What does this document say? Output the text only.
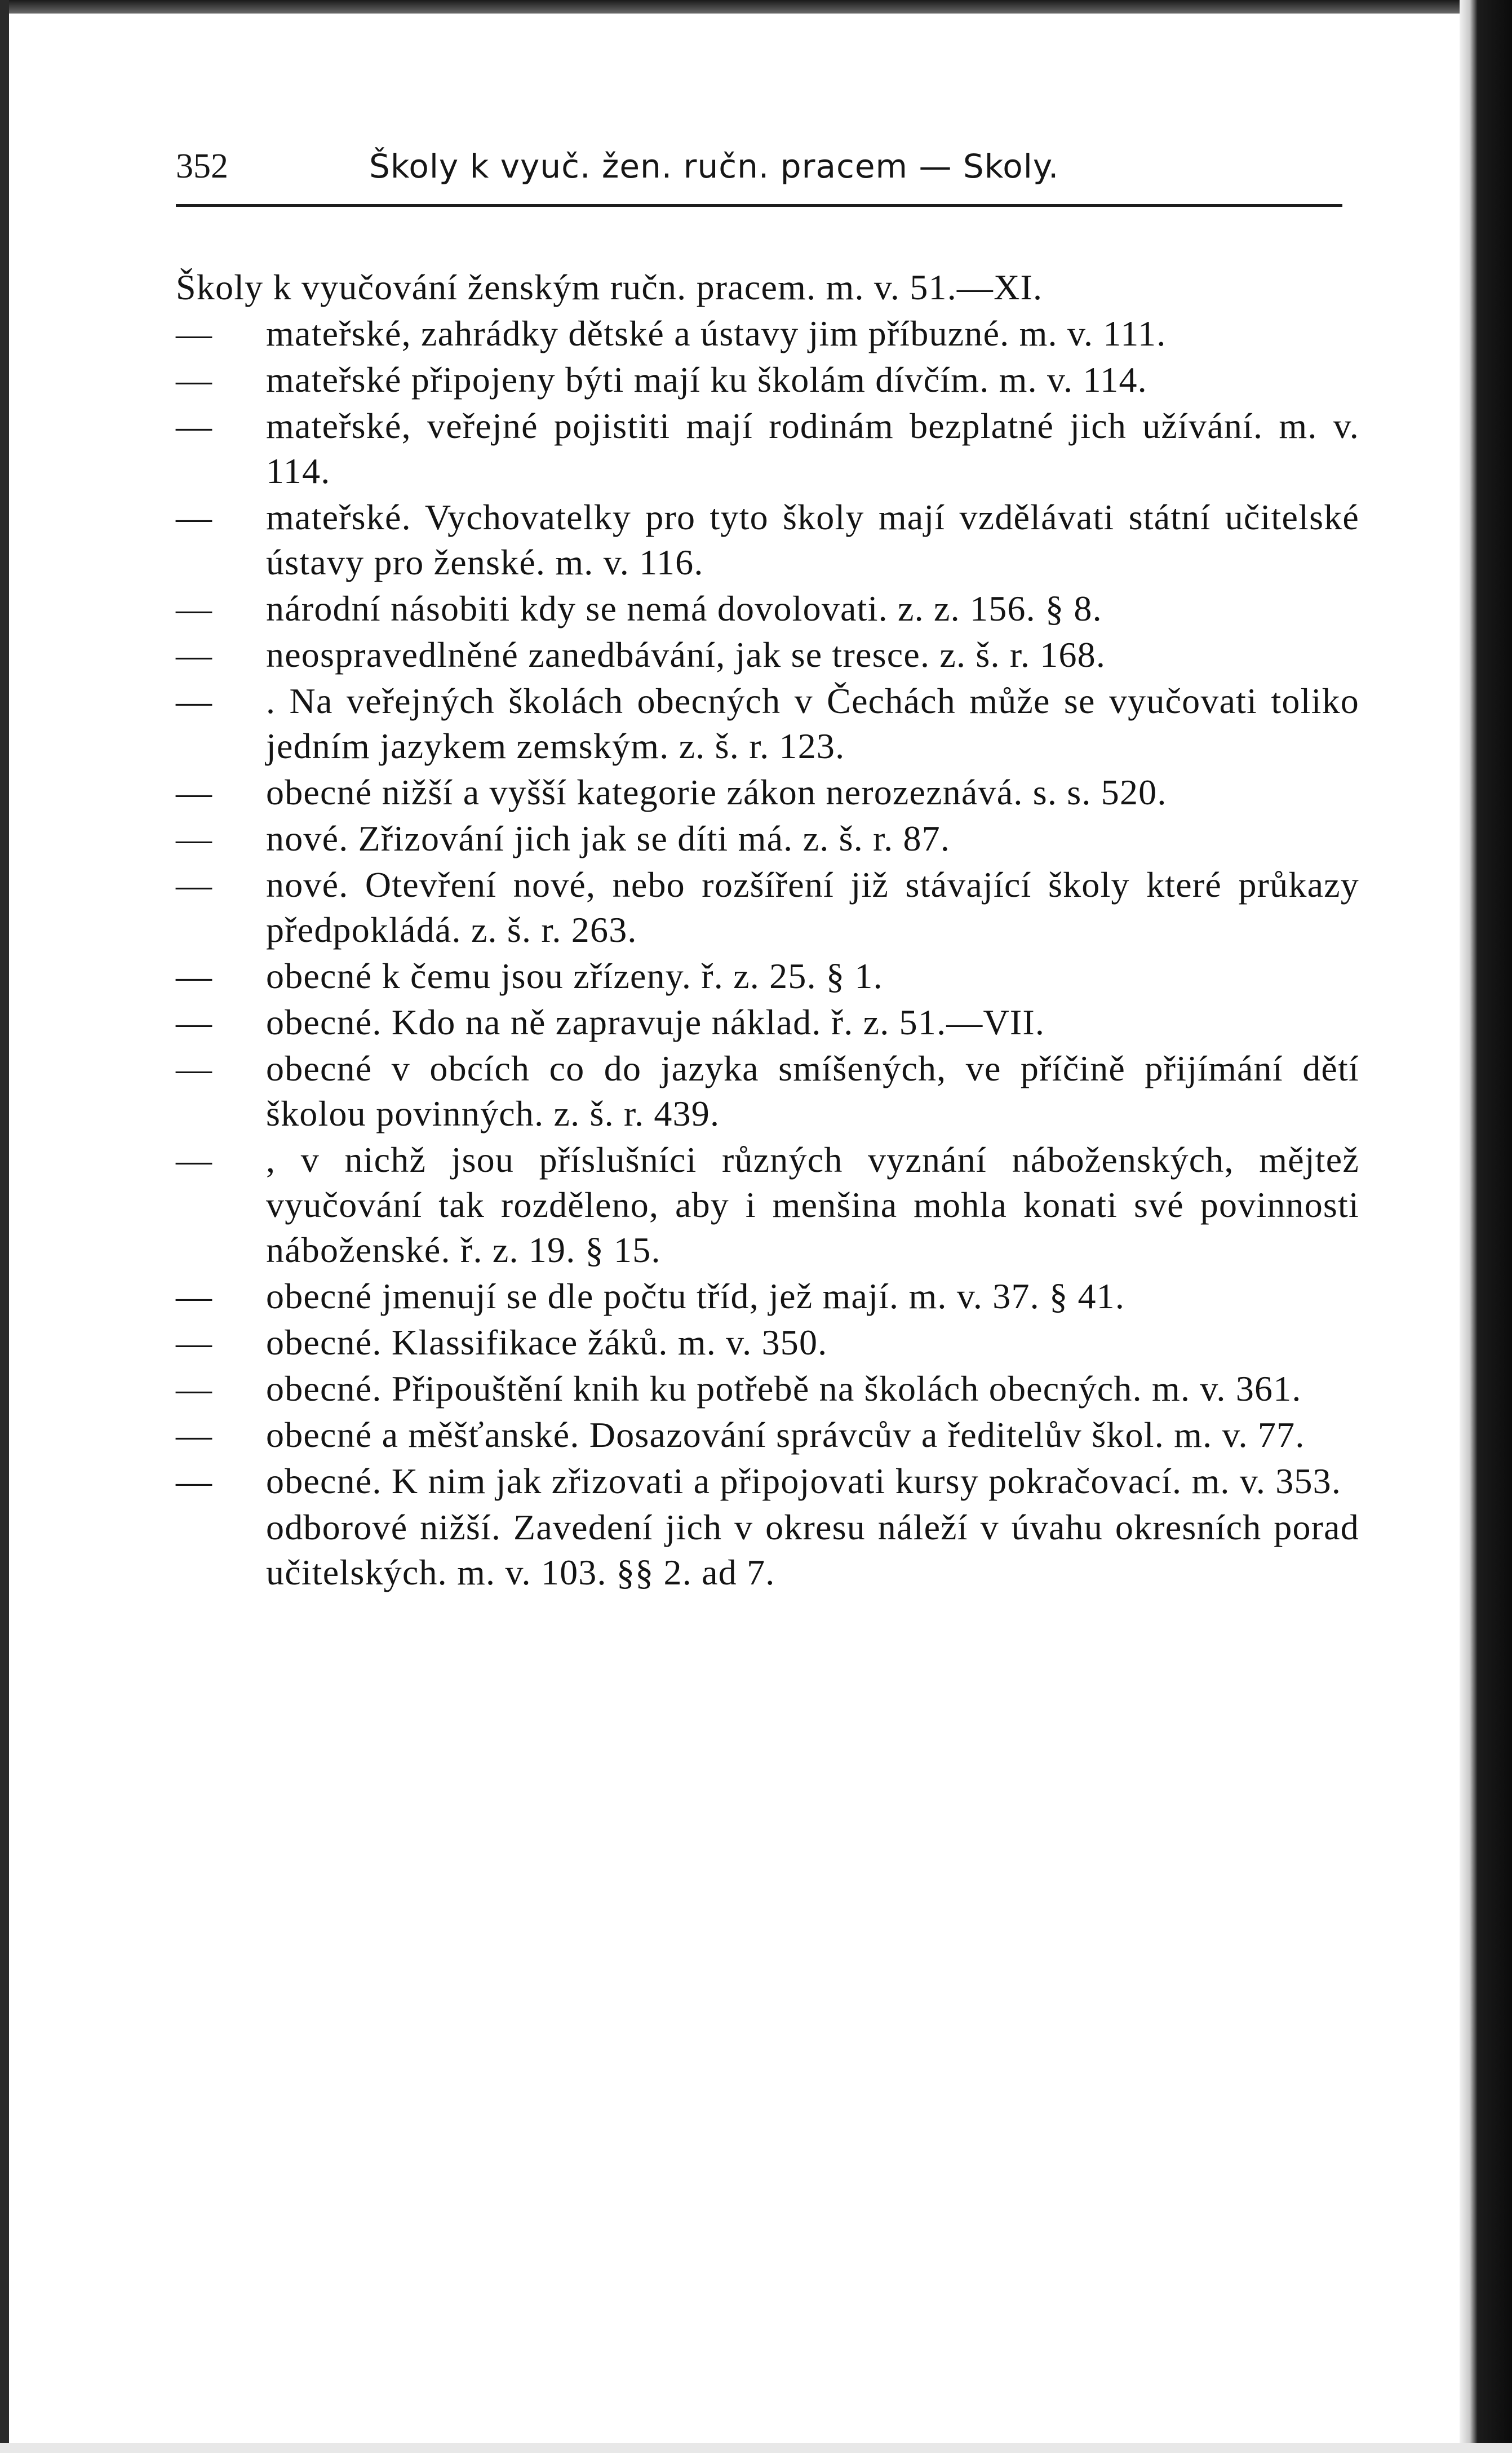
352	Školy k vyuč. žen. ručn. pracem — Skoly.
Školy k vyučování ženským ručn. pracem. m. v. 51.—XI.
—	mateřské, zahrádky dětské a ústavy jim příbuzné. m. v. 111.
—	mateřské připojeny býti mají ku školám dívčím. m. v. 114.
—	mateřské, veřejné pojistiti mají rodinám bezplatné jich užívání. m. v. 114.
—	mateřské. Vychovatelky pro tyto školy mají vzdělávati státní učitelské ústavy pro ženské. m. v. 116.
—	národní násobiti kdy se nemá dovolovati. z. z. 156. § 8.
—	neospravedlněné zanedbávání, jak se tresce. z. š. r. 168.
—	. Na veřejných školách obecných v Čechách může se vyučovati toliko jedním jazykem zemským. z. š. r. 123.
—	obecné nižší a vyšší kategorie zákon nerozeznává. s. s. 520.
—	nové. Zřizování jich jak se díti má. z. š. r. 87.
—	nové. Otevření nové, nebo rozšíření již stávající školy které průkazy předpokládá. z. š. r. 263.
—	obecné k čemu jsou zřízeny. ř. z. 25. § 1.
—	obecné. Kdo na ně zapravuje náklad. ř. z. 51.—VII.
—	obecné v obcích co do jazyka smíšených, ve příčině přijímání dětí školou povinných. z. š. r. 439.
—	, v nichž jsou příslušníci různých vyznání náboženských, mějtež vyučování tak rozděleno, aby i menšina mohla konati své povinnosti náboženské. ř. z. 19. § 15.
—	obecné jmenují se dle počtu tříd, jež mají. m. v. 37. § 41.
—	obecné. Klassifikace žáků. m. v. 350.
—	obecné. Připouštění knih ku potřebě na školách obecných. m. v. 361.
—	obecné a měšťanské. Dosazování správcův a ředitelův škol. m. v. 77.
—	obecné. K nim jak zřizovati a připojovati kursy pokračovací. m. v. 353.
odborové nižší. Zavedení jich v okresu náleží v úvahu okresních porad učitelských. m. v. 103. §§ 2. ad 7.
